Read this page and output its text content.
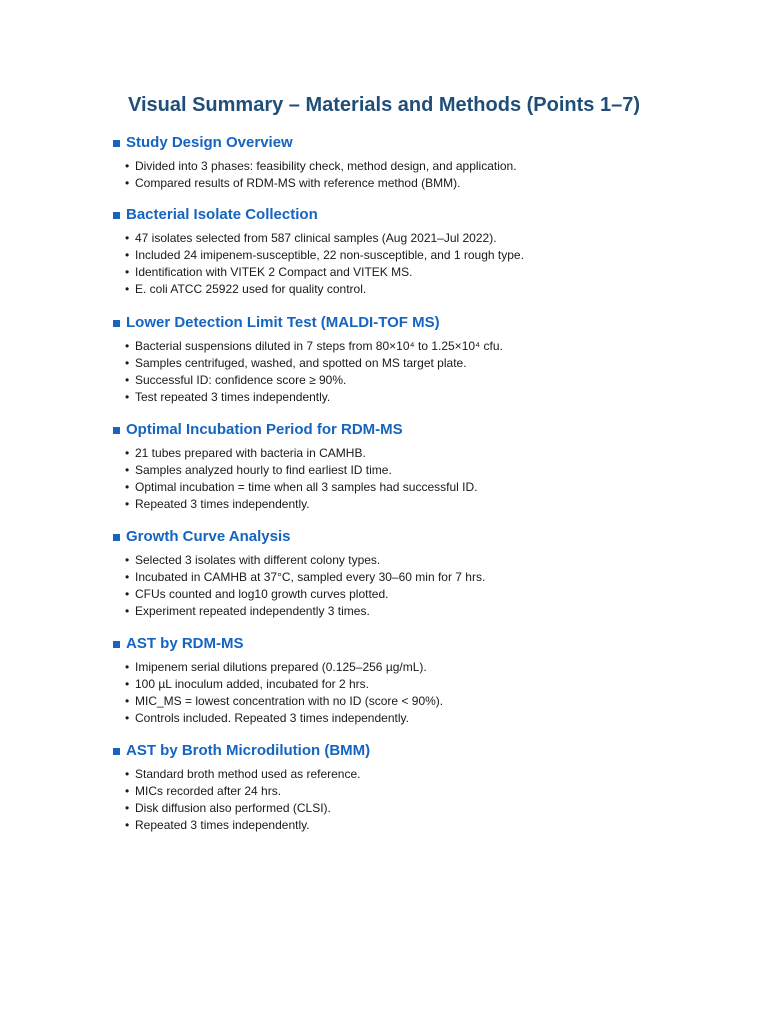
Visual Summary – Materials and Methods (Points 1–7)
Study Design Overview
• Divided into 3 phases: feasibility check, method design, and application.
• Compared results of RDM-MS with reference method (BMM).
Bacterial Isolate Collection
• 47 isolates selected from 587 clinical samples (Aug 2021–Jul 2022).
• Included 24 imipenem-susceptible, 22 non-susceptible, and 1 rough type.
• Identification with VITEK 2 Compact and VITEK MS.
• E. coli ATCC 25922 used for quality control.
Lower Detection Limit Test (MALDI-TOF MS)
• Bacterial suspensions diluted in 7 steps from 80×10⁴ to 1.25×10⁴ cfu.
• Samples centrifuged, washed, and spotted on MS target plate.
• Successful ID: confidence score ≥ 90%.
• Test repeated 3 times independently.
Optimal Incubation Period for RDM-MS
• 21 tubes prepared with bacteria in CAMHB.
• Samples analyzed hourly to find earliest ID time.
• Optimal incubation = time when all 3 samples had successful ID.
• Repeated 3 times independently.
Growth Curve Analysis
• Selected 3 isolates with different colony types.
• Incubated in CAMHB at 37°C, sampled every 30–60 min for 7 hrs.
• CFUs counted and log10 growth curves plotted.
• Experiment repeated independently 3 times.
AST by RDM-MS
• Imipenem serial dilutions prepared (0.125–256 µg/mL).
• 100 µL inoculum added, incubated for 2 hrs.
• MIC_MS = lowest concentration with no ID (score < 90%).
• Controls included. Repeated 3 times independently.
AST by Broth Microdilution (BMM)
• Standard broth method used as reference.
• MICs recorded after 24 hrs.
• Disk diffusion also performed (CLSI).
• Repeated 3 times independently.
